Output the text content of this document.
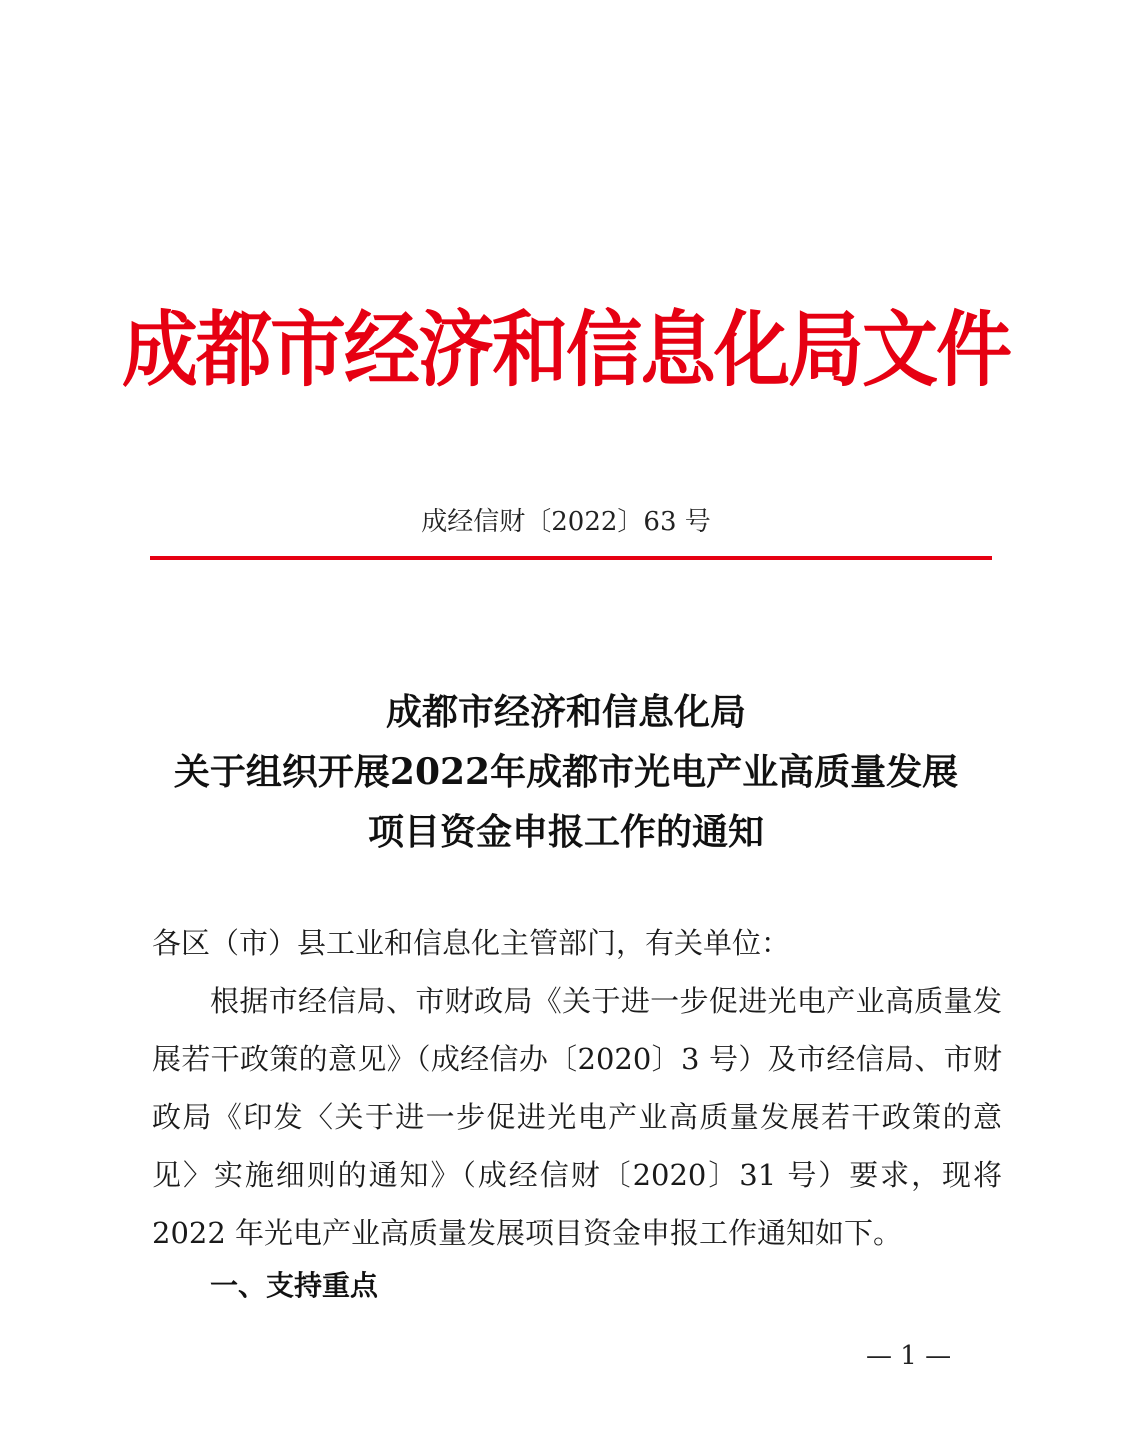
成都市经济和信息化局文件
成经信财〔2022〕63 号
成都市经济和信息化局
关于组织开展2022年成都市光电产业高质量发展
项目资金申报工作的通知

各区（市）县工业和信息化主管部门，有关单位：

根据市经信局、市财政局《关于进一步促进光电产业高质量发展若干政策的意见》（成经信办〔2020〕3 号）及市经信局、市财政局《印发〈关于进一步促进光电产业高质量发展若干政策的意见〉实施细则的通知》（成经信财〔2020〕31 号）要求，现将2022 年光电产业高质量发展项目资金申报工作通知如下。

一、支持重点
— 1 —
